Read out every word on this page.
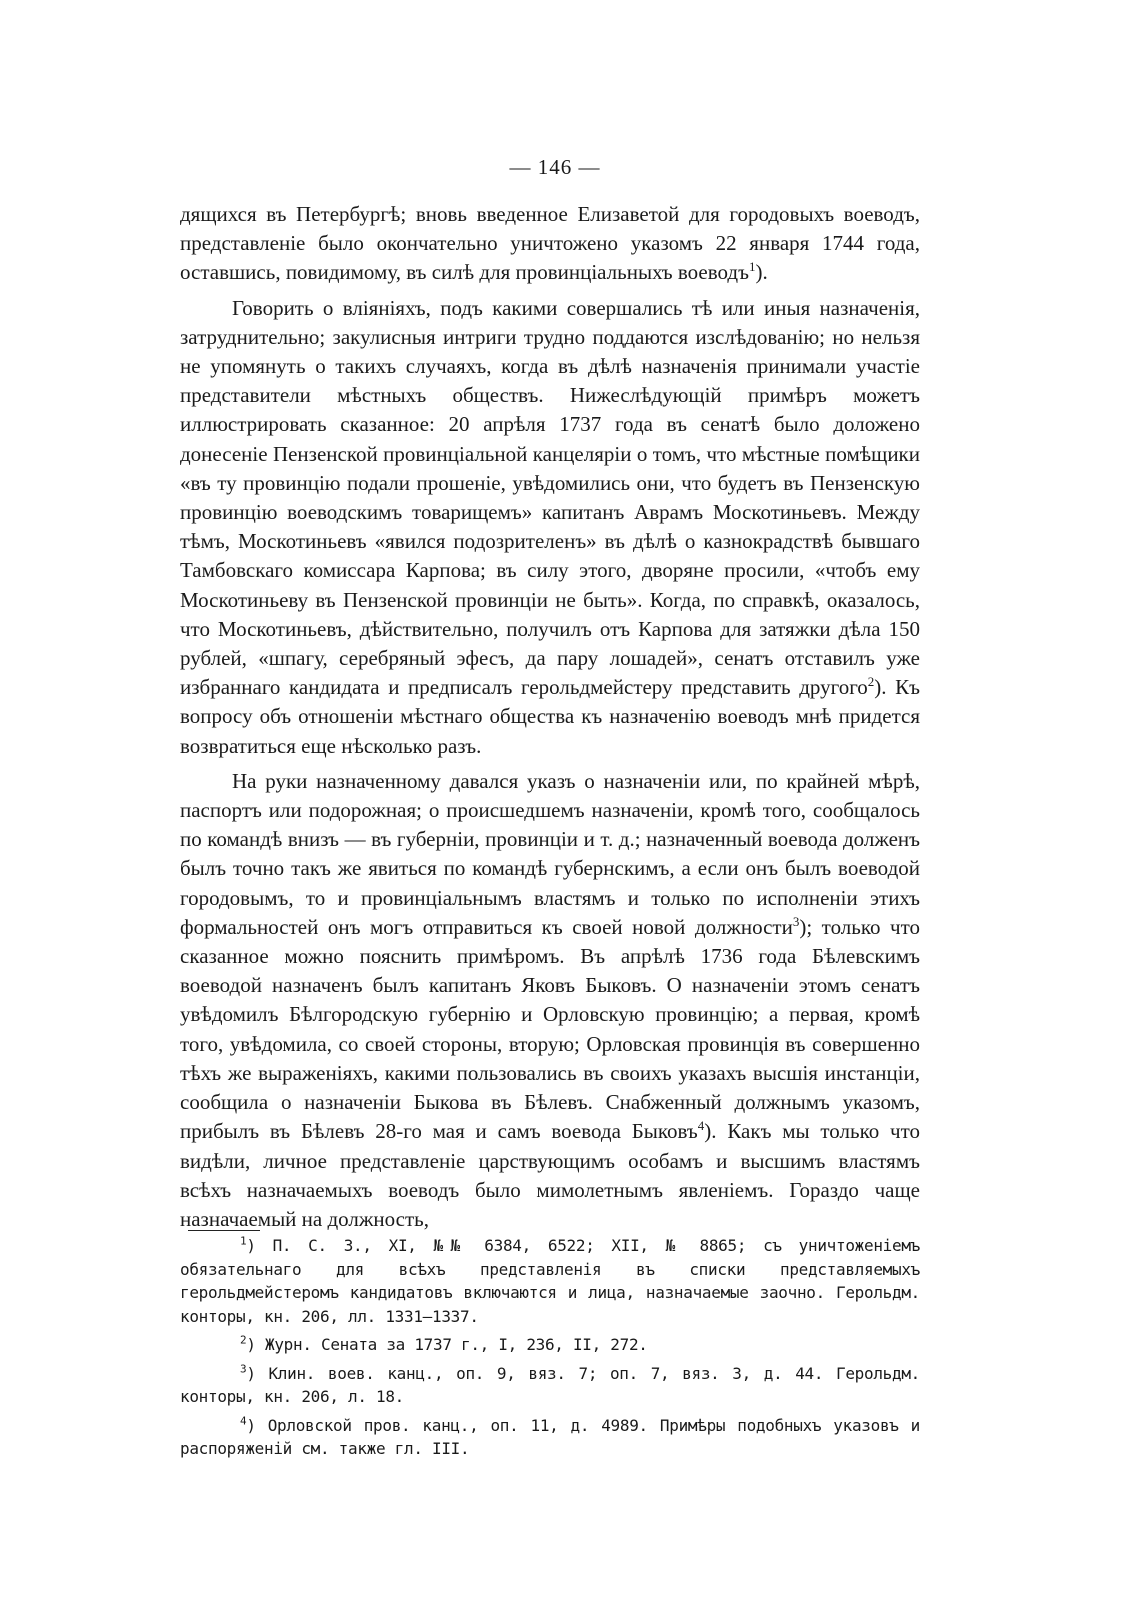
— 146 —

дящихся въ Петербургѣ; вновь введенное Елизаветой для городовыхъ воеводъ, представленіе было окончательно уничтожено указомъ 22 января 1744 года, оставшись, повидимому, въ силѣ для провинціальныхъ воеводъ$^1$).

Говорить о вліяніяхъ, подъ какими совершались тѣ или иныя назначенія, затруднительно; закулисныя интриги трудно поддаются изслѣдованію; но нельзя не упомянуть о такихъ случаяхъ, когда въ дѣлѣ назначенія принимали участіе представители мѣстныхъ обществъ. Нижеслѣдующій примѣръ можетъ иллюстрировать сказанное: 20 апрѣля 1737 года въ сенатѣ было доложено донесеніе Пензенской провинціальной канцеляріи о томъ, что мѣстные помѣщики «въ ту провинцію подали прошеніе, увѣдомились они, что будетъ въ Пензенскую провинцію воеводскимъ товарищемъ» капитанъ Аврамъ Москотиньевъ. Между тѣмъ, Москотиньевъ «явился подозрителенъ» въ дѣлѣ о казнокрадствѣ бывшаго Тамбовскаго комиссара Карпова; въ силу этого, дворяне просили, «чтобъ ему Москотиньеву въ Пензенской провинціи не быть». Когда, по справкѣ, оказалось, что Москотиньевъ, дѣйствительно, получилъ отъ Карпова для затяжки дѣла 150 рублей, «шпагу, серебряный эфесъ, да пару лошадей», сенатъ отставилъ уже избраннаго кандидата и предписалъ герольдмейстеру представить другого$^2$). Къ вопросу объ отношеніи мѣстнаго общества къ назначенію воеводъ мнѣ придется возвратиться еще нѣсколько разъ.

На руки назначенному давался указъ о назначеніи или, по крайней мѣрѣ, паспортъ или подорожная; о происшедшемъ назначеніи, кромѣ того, сообщалось по командѣ внизъ — въ губерніи, провинціи и т. д.; назначенный воевода долженъ былъ точно такъ же явиться по командѣ губернскимъ, а если онъ былъ воеводой городовымъ, то и провинціальнымъ властямъ и только по исполненіи этихъ формальностей онъ могъ отправиться къ своей новой должности$^3$); только что сказанное можно пояснить примѣромъ. Въ апрѣлѣ 1736 года Бѣлевскимъ воеводой назначенъ былъ капитанъ Яковъ Быковъ. О назначеніи этомъ сенатъ увѣдомилъ Бѣлгородскую губернію и Орловскую провинцію; а первая, кромѣ того, увѣдомила, со своей стороны, вторую; Орловская провинція въ совершенно тѣхъ же выраженіяхъ, какими пользовались въ своихъ указахъ высшія инстанціи, сообщила о назначеніи Быкова въ Бѣлевъ. Снабженный должнымъ указомъ, прибылъ въ Бѣлевъ 28-го мая и самъ воевода Быковъ$^4$). Какъ мы только что видѣли, личное представленіе царствующимъ особамъ и высшимъ властямъ всѣхъ назначаемыхъ воеводъ было мимолетнымъ явленіемъ. Гораздо чаще назначаемый на должность,

$^1$) П. С. З., XI, №№ 6384, 6522; XII, № 8865; съ уничтоженіемъ обязательнаго для всѣхъ представленія въ списки представляемыхъ герольдмейстеромъ кандидатовъ включаются и лица, назначаемые заочно. Герольдм. конторы, кн. 206, лл. 1331—1337.

$^2$) Журн. Сената за 1737 г., I, 236, II, 272.

$^3$) Клин. воев. канц., оп. 9, вяз. 7; оп. 7, вяз. 3, д. 44. Герольдм. конторы, кн. 206, л. 18.

$^4$) Орловской пров. канц., оп. 11, д. 4989. Примѣры подобныхъ указовъ и распоряженій см. также гл. III.
